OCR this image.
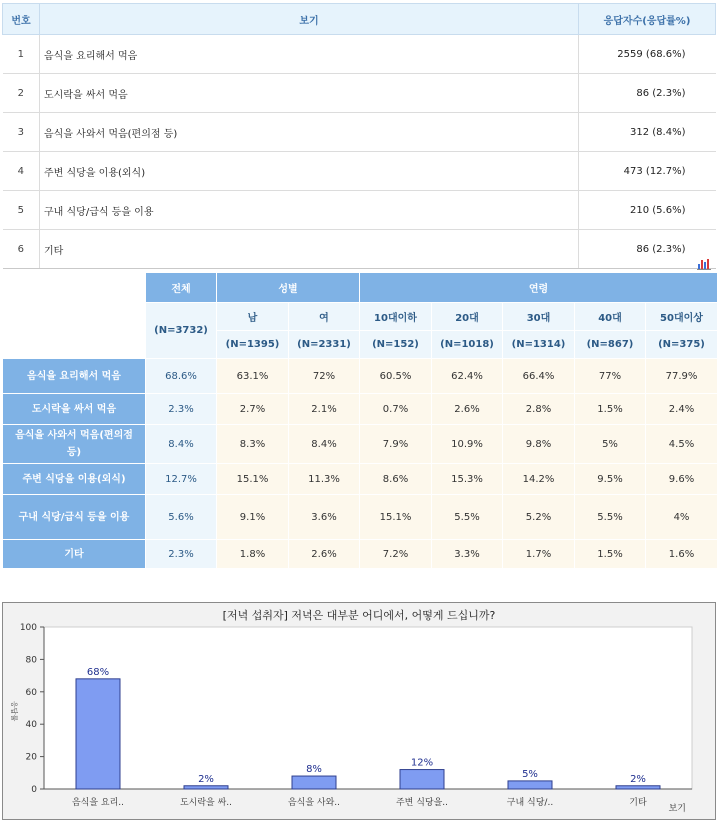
번호	보기	응답자수(응답률%)
1	음식을 요리해서 먹음	2559 (68.6%)
2	도시락을 싸서 먹음	86 (2.3%)
3	음식을 사와서 먹음(편의점 등)	312 (8.4%)
4	주변 식당을 이용(외식)	473 (12.7%)
5	구내 식당/급식 등을 이용	210 (5.6%)
6	기타	86 (2.3%)
	전체	성별		연령				
	(N=3732)	남	여	10대이하	20대	30대	40대	50대이상
		(N=1395)	(N=2331)	(N=152)	(N=1018)	(N=1314)	(N=867)	(N=375)
음식을 요리해서 먹음	68.6%	63.1%	72%	60.5%	62.4%	66.4%	77%	77.9%
도시락을 싸서 먹음	2.3%	2.7%	2.1%	0.7%	2.6%	2.8%	1.5%	2.4%
음식을 사와서 먹음(편의점 등)	8.4%	8.3%	8.4%	7.9%	10.9%	9.8%	5%	4.5%
주변 식당을 이용(외식)	12.7%	15.1%	11.3%	8.6%	15.3%	14.2%	9.5%	9.6%
구내 식당/급식 등을 이용	5.6%	9.1%	3.6%	15.1%	5.5%	5.2%	5.5%	4%
기타	2.3%	1.8%	2.6%	7.2%	3.3%	1.7%	1.5%	1.6%
[저녁 섭취자] 저녁은 대부분 어디에서, 어떻게 드십니까?
0
20
40
60
80
100
음식을 요리..	도시락을 싸..	음식을 사와..	주변 식당을..	구내 식당/..	기타
68%
2%
8%
12%
5%	2%
응답률
보기
